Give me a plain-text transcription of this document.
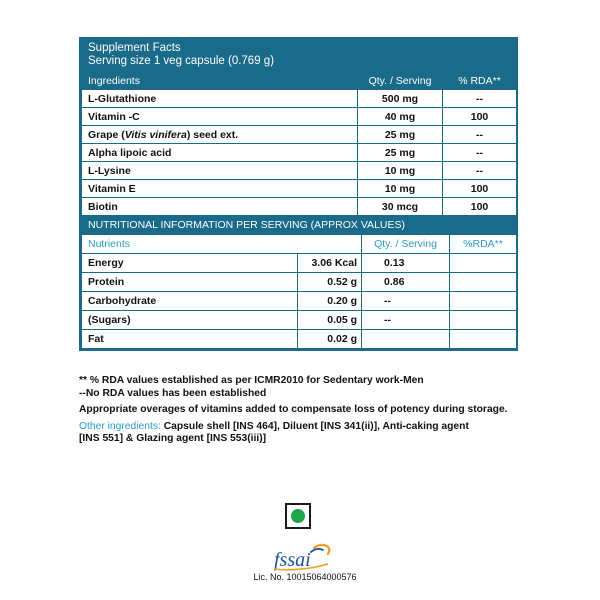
Supplement Facts
Serving size 1 veg capsule (0.769 g)
Ingredients	Qty. / Serving	% RDA**
L-Glutathione	500 mg	--
Vitamin -C	40 mg	100
Grape (Vitis vinifera) seed ext.	25 mg	--
Alpha lipoic acid	25 mg	--
L-Lysine	10 mg	--
Vitamin E	10 mg	100
Biotin	30 mcg	100
NUTRITIONAL INFORMATION PER SERVING (APPROX VALUES)
Nutrients		Qty. / Serving	%RDA**
Energy	3.06 Kcal	0.13	
Protein	0.52 g	0.86	
Carbohydrate	0.20 g	--	
(Sugars)	0.05 g	--	
Fat	0.02 g		
** % RDA values established as per ICMR2010 for Sedentary work-Men
--No RDA values has been established
Appropriate overages of vitamins added to compensate loss of potency during storage.
Other ingredients: Capsule shell [INS 464], Diluent [INS 341(ii)], Anti-caking agent
[INS 551] & Glazing agent [INS 553(iii)]
fssai
Lic. No. 10015064000576
